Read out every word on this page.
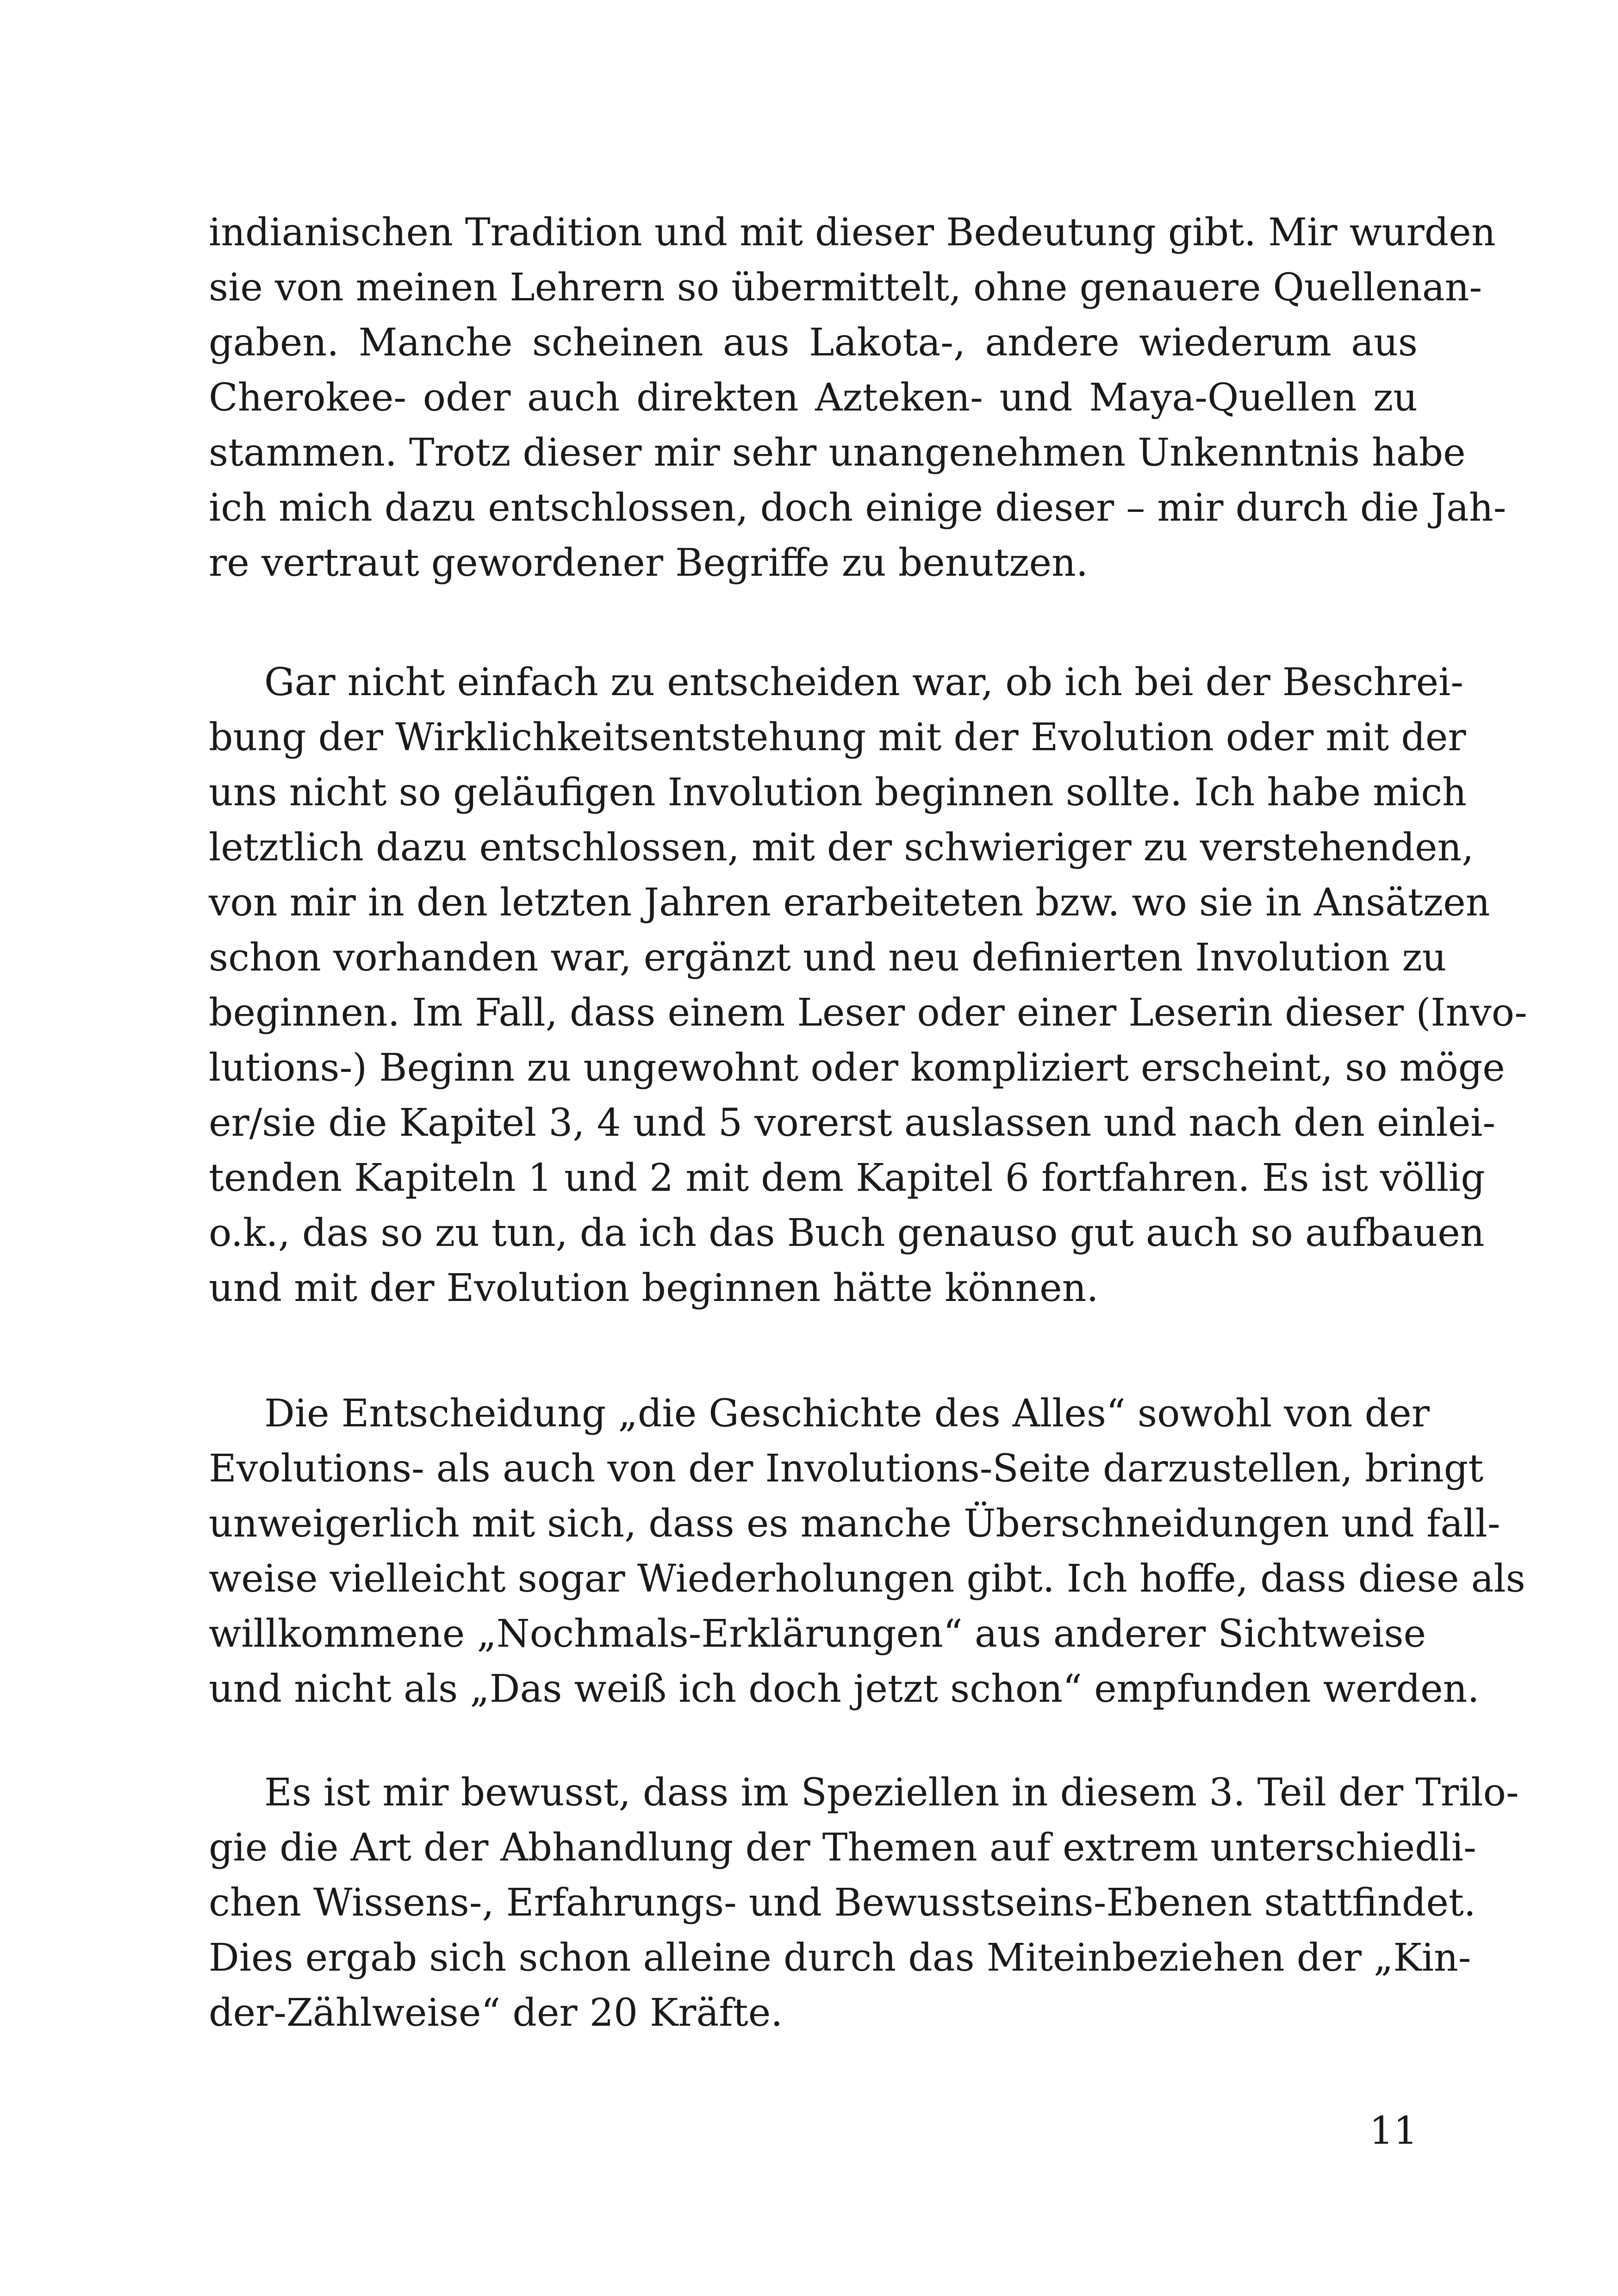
indianischen Tradition und mit dieser Bedeutung gibt. Mir wurden
sie von meinen Lehrern so übermittelt, ohne genauere Quellenan-
gaben. Manche scheinen aus Lakota-, andere wiederum aus
Cherokee- oder auch direkten Azteken- und Maya-Quellen zu
stammen. Trotz dieser mir sehr unangenehmen Unkenntnis habe
ich mich dazu entschlossen, doch einige dieser – mir durch die Jah-
re vertraut gewordener Begriffe zu benutzen.
Gar nicht einfach zu entscheiden war, ob ich bei der Beschrei-
bung der Wirklichkeitsentstehung mit der Evolution oder mit der
uns nicht so geläufigen Involution beginnen sollte. Ich habe mich
letztlich dazu entschlossen, mit der schwieriger zu verstehenden,
von mir in den letzten Jahren erarbeiteten bzw. wo sie in Ansätzen
schon vorhanden war, ergänzt und neu definierten Involution zu
beginnen. Im Fall, dass einem Leser oder einer Leserin dieser (Invo-
lutions-) Beginn zu ungewohnt oder kompliziert erscheint, so möge
er/sie die Kapitel 3, 4 und 5 vorerst auslassen und nach den einlei-
tenden Kapiteln 1 und 2 mit dem Kapitel 6 fortfahren. Es ist völlig
o.k., das so zu tun, da ich das Buch genauso gut auch so aufbauen
und mit der Evolution beginnen hätte können.
Die Entscheidung „die Geschichte des Alles“ sowohl von der
Evolutions- als auch von der Involutions-Seite darzustellen, bringt
unweigerlich mit sich, dass es manche Überschneidungen und fall-
weise vielleicht sogar Wiederholungen gibt. Ich hoffe, dass diese als
willkommene „Nochmals-Erklärungen“ aus anderer Sichtweise
und nicht als „Das weiß ich doch jetzt schon“ empfunden werden.
Es ist mir bewusst, dass im Speziellen in diesem 3. Teil der Trilo-
gie die Art der Abhandlung der Themen auf extrem unterschiedli-
chen Wissens-, Erfahrungs- und Bewusstseins-Ebenen stattfindet.
Dies ergab sich schon alleine durch das Miteinbeziehen der „Kin-
der-Zählweise“ der 20 Kräfte.

11
